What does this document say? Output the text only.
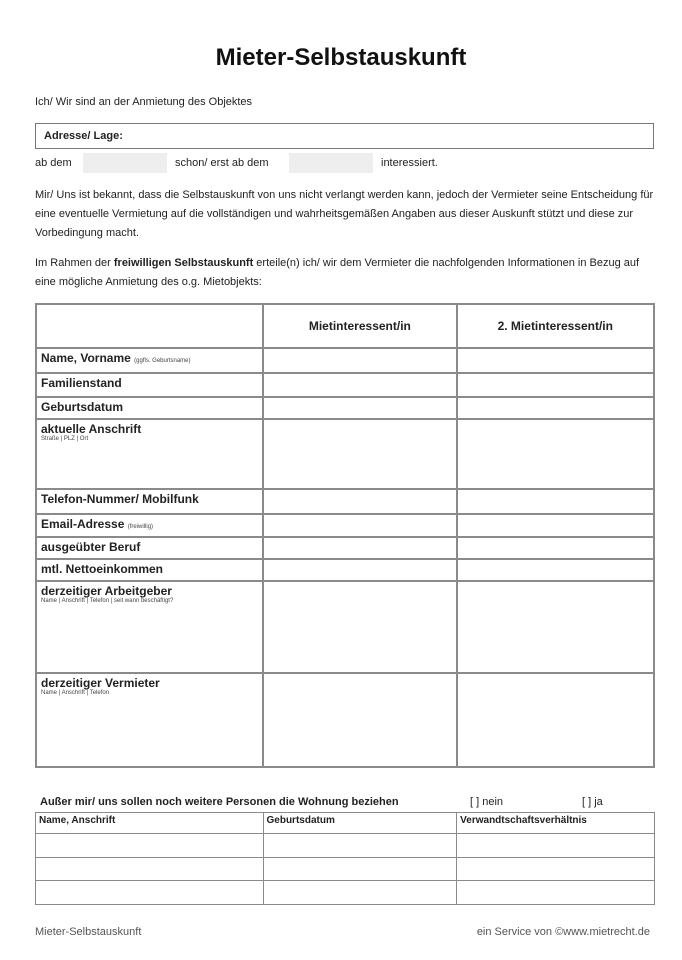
Mieter-Selbstauskunft
Ich/ Wir sind an der Anmietung des Objektes
Adresse/ Lage:
ab dem	schon/ erst ab dem	interessiert.
Mir/ Uns ist bekannt, dass die Selbstauskunft von uns nicht verlangt werden kann, jedoch der Vermieter seine Entscheidung für eine eventuelle Vermietung auf die vollständigen und wahrheitsgemäßen Angaben aus dieser Auskunft stützt und diese zur Vorbedingung macht.
Im Rahmen der freiwilligen Selbstauskunft erteile(n) ich/ wir dem Vermieter die nachfolgenden Informationen in Bezug auf eine mögliche Anmietung des o.g. Mietobjekts:
	Mietinteressent/in	2. Mietinteressent/in
Name, Vorname (ggfls. Geburtsname)		
Familienstand		
Geburtsdatum		
aktuelle Anschrift
Straße | PLZ | Ort		

Telefon-Nummer/ Mobilfunk		
Email-Adresse (freiwillig)		
ausgeübter Beruf		
mtl. Nettoeinkommen		
derzeitiger Arbeitgeber
Name | Anschrift | Telefon | seit wann beschäftigt?		

derzeitiger Vermieter
Name | Anschrift | Telefon		

Außer mir/ uns sollen noch weitere Personen die Wohnung beziehen	[ ] nein	[ ] ja
Name, Anschrift	Geburtsdatum	Verwandtschaftsverhältnis

Mieter-Selbstauskunft	ein Service von ©www.mietrecht.de
